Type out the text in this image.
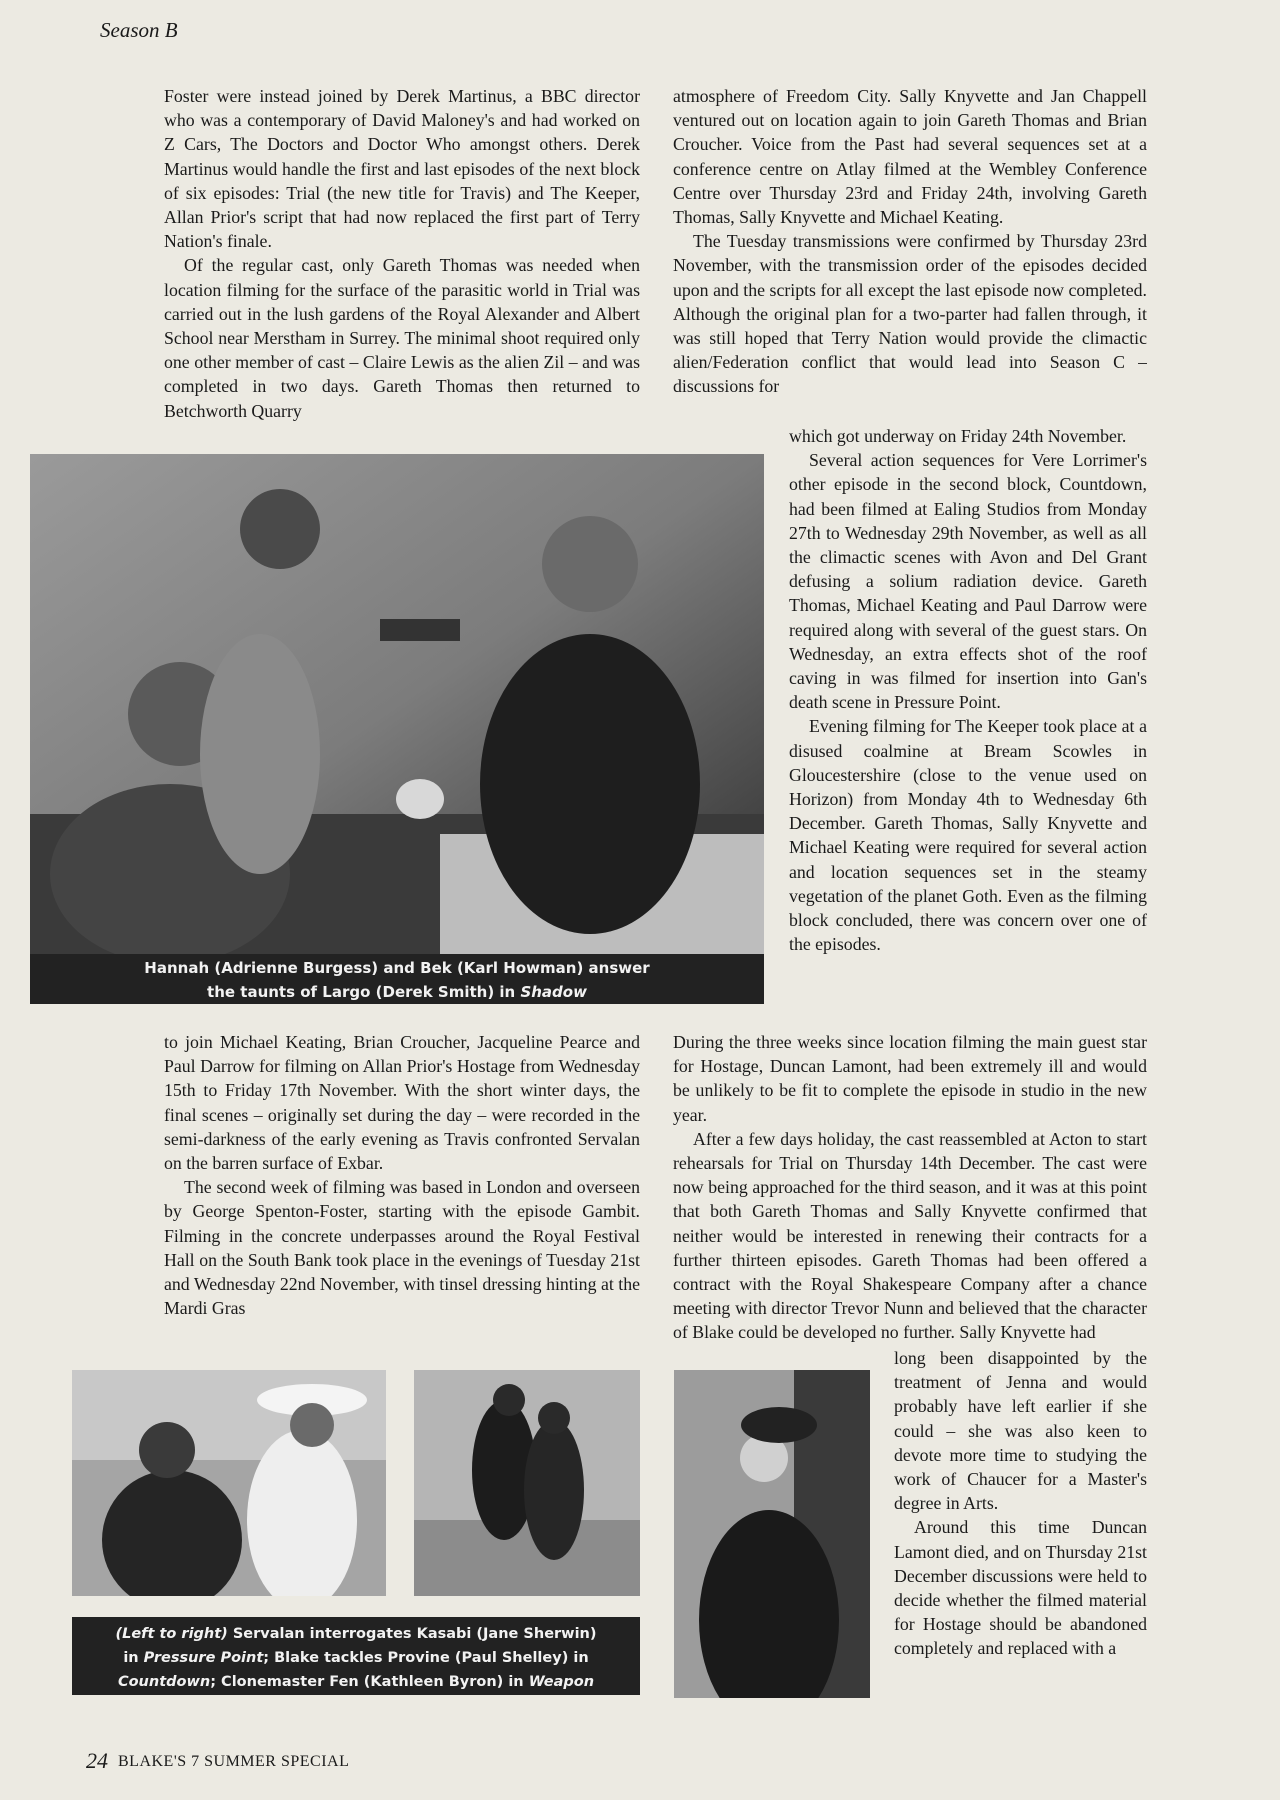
Season B

Foster were instead joined by Derek Martinus, a BBC director who was a contemporary of David Maloney's and had worked on Z Cars, The Doctors and Doctor Who amongst others. Derek Martinus would handle the first and last episodes of the next block of six episodes: Trial (the new title for Travis) and The Keeper, Allan Prior's script that had now replaced the first part of Terry Nation's finale.

Of the regular cast, only Gareth Thomas was needed when location filming for the surface of the parasitic world in Trial was carried out in the lush gardens of the Royal Alexander and Albert School near Merstham in Surrey. The minimal shoot required only one other member of cast – Claire Lewis as the alien Zil – and was completed in two days. Gareth Thomas then returned to Betchworth Quarry

atmosphere of Freedom City. Sally Knyvette and Jan Chappell ventured out on location again to join Gareth Thomas and Brian Croucher. Voice from the Past had several sequences set at a conference centre on Atlay filmed at the Wembley Conference Centre over Thursday 23rd and Friday 24th, involving Gareth Thomas, Sally Knyvette and Michael Keating.

The Tuesday transmissions were confirmed by Thursday 23rd November, with the transmission order of the episodes decided upon and the scripts for all except the last episode now completed. Although the original plan for a two-parter had fallen through, it was still hoped that Terry Nation would provide the climactic alien/Federation conflict that would lead into Season C – discussions for

which got underway on Friday 24th November.

Several action sequences for Vere Lorrimer's other episode in the second block, Countdown, had been filmed at Ealing Studios from Monday 27th to Wednesday 29th November, as well as all the climactic scenes with Avon and Del Grant defusing a solium radiation device. Gareth Thomas, Michael Keating and Paul Darrow were required along with several of the guest stars. On Wednesday, an extra effects shot of the roof caving in was filmed for insertion into Gan's death scene in Pressure Point.

Evening filming for The Keeper took place at a disused coalmine at Bream Scowles in Gloucestershire (close to the venue used on Horizon) from Monday 4th to Wednesday 6th December. Gareth Thomas, Sally Knyvette and Michael Keating were required for several action and location sequences set in the steamy vegetation of the planet Goth. Even as the filming block concluded, there was concern over one of the episodes.

Hannah (Adrienne Burgess) and Bek (Karl Howman) answer
the taunts of Largo (Derek Smith) in Shadow

to join Michael Keating, Brian Croucher, Jacqueline Pearce and Paul Darrow for filming on Allan Prior's Hostage from Wednesday 15th to Friday 17th November. With the short winter days, the final scenes – originally set during the day – were recorded in the semi-darkness of the early evening as Travis confronted Servalan on the barren surface of Exbar.

The second week of filming was based in London and overseen by George Spenton-Foster, starting with the episode Gambit. Filming in the concrete underpasses around the Royal Festival Hall on the South Bank took place in the evenings of Tuesday 21st and Wednesday 22nd November, with tinsel dressing hinting at the Mardi Gras

During the three weeks since location filming the main guest star for Hostage, Duncan Lamont, had been extremely ill and would be unlikely to be fit to complete the episode in studio in the new year.

After a few days holiday, the cast reassembled at Acton to start rehearsals for Trial on Thursday 14th December. The cast were now being approached for the third season, and it was at this point that both Gareth Thomas and Sally Knyvette confirmed that neither would be interested in renewing their contracts for a further thirteen episodes. Gareth Thomas had been offered a contract with the Royal Shakespeare Company after a chance meeting with director Trevor Nunn and believed that the character of Blake could be developed no further. Sally Knyvette had

(Left to right) Servalan interrogates Kasabi (Jane Sherwin)
in Pressure Point; Blake tackles Provine (Paul Shelley) in
Countdown; Clonemaster Fen (Kathleen Byron) in Weapon

long been disappointed by the treatment of Jenna and would probably have left earlier if she could – she was also keen to devote more time to studying the work of Chaucer for a Master's degree in Arts.

Around this time Duncan Lamont died, and on Thursday 21st December discussions were held to decide whether the filmed material for Hostage should be abandoned completely and replaced with a

24 BLAKE'S 7 SUMMER SPECIAL
